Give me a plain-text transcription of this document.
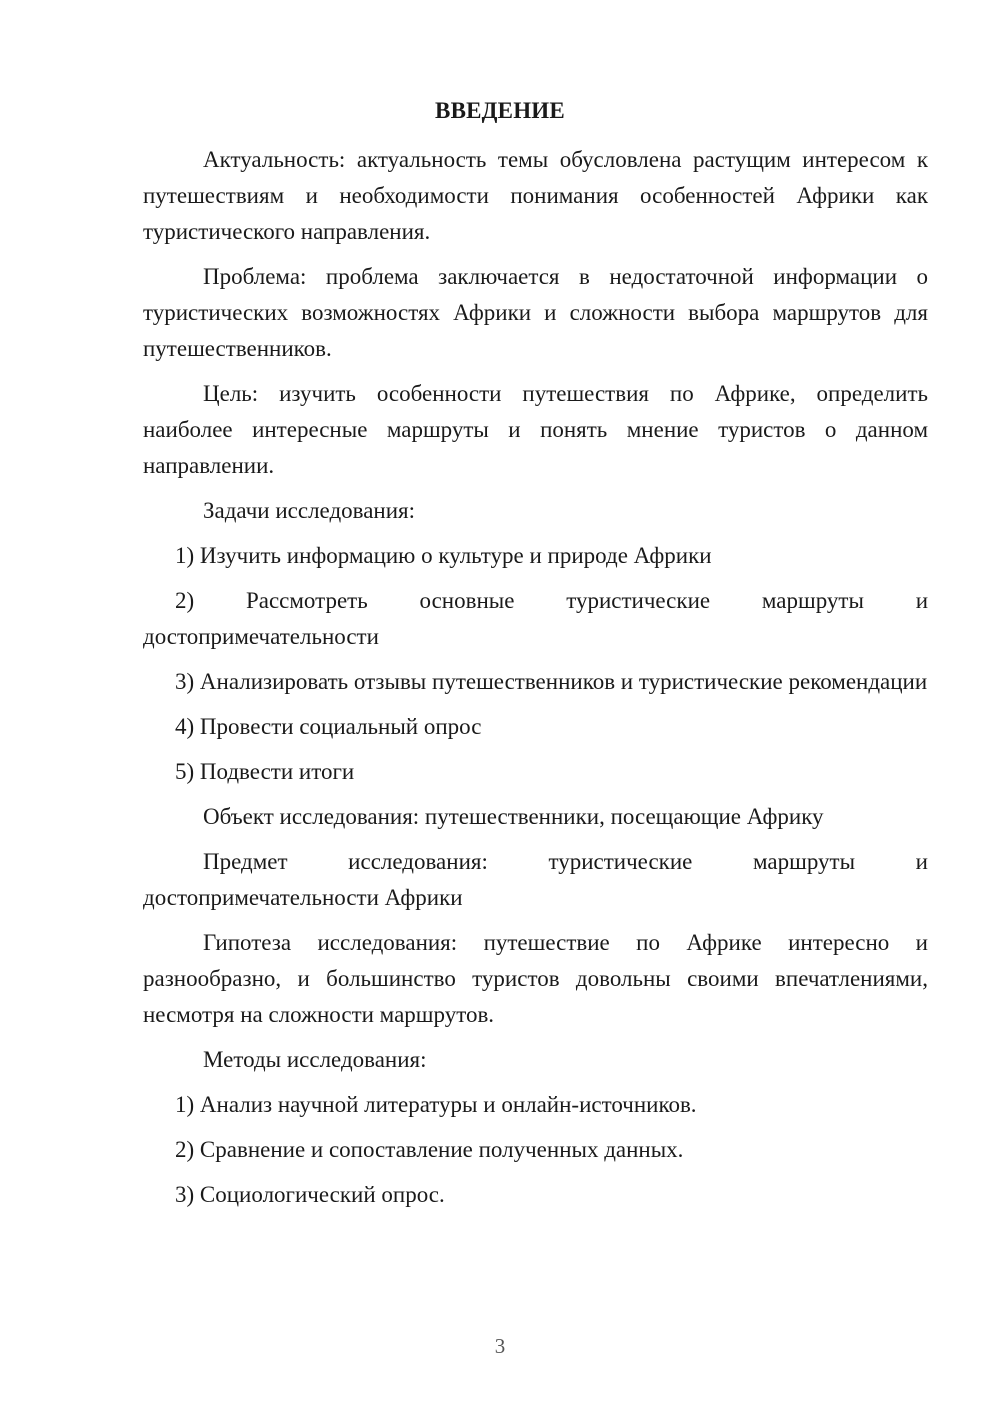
ВВЕДЕНИЕ

Актуальность: актуальность темы обусловлена растущим интересом к путешествиям и необходимости понимания особенностей Африки как туристического направления.

Проблема: проблема заключается в недостаточной информации о туристических возможностях Африки и сложности выбора маршрутов для путешественников.

Цель: изучить особенности путешествия по Африке, определить наиболее интересные маршруты и понять мнение туристов о данном направлении.

Задачи исследования:

1) Изучить информацию о культуре и природе Африки

2) Рассмотреть основные туристические маршруты и достопримечательности

3) Анализировать отзывы путешественников и туристические рекомендации

4) Провести социальный опрос

5) Подвести итоги

Объект исследования: путешественники, посещающие Африку

Предмет исследования: туристические маршруты и достопримечательности Африки

Гипотеза исследования: путешествие по Африке интересно и разнообразно, и большинство туристов довольны своими впечатлениями, несмотря на сложности маршрутов.

Методы исследования:

1) Анализ научной литературы и онлайн-источников.

2) Сравнение и сопоставление полученных данных.

3) Социологический опрос.

3
